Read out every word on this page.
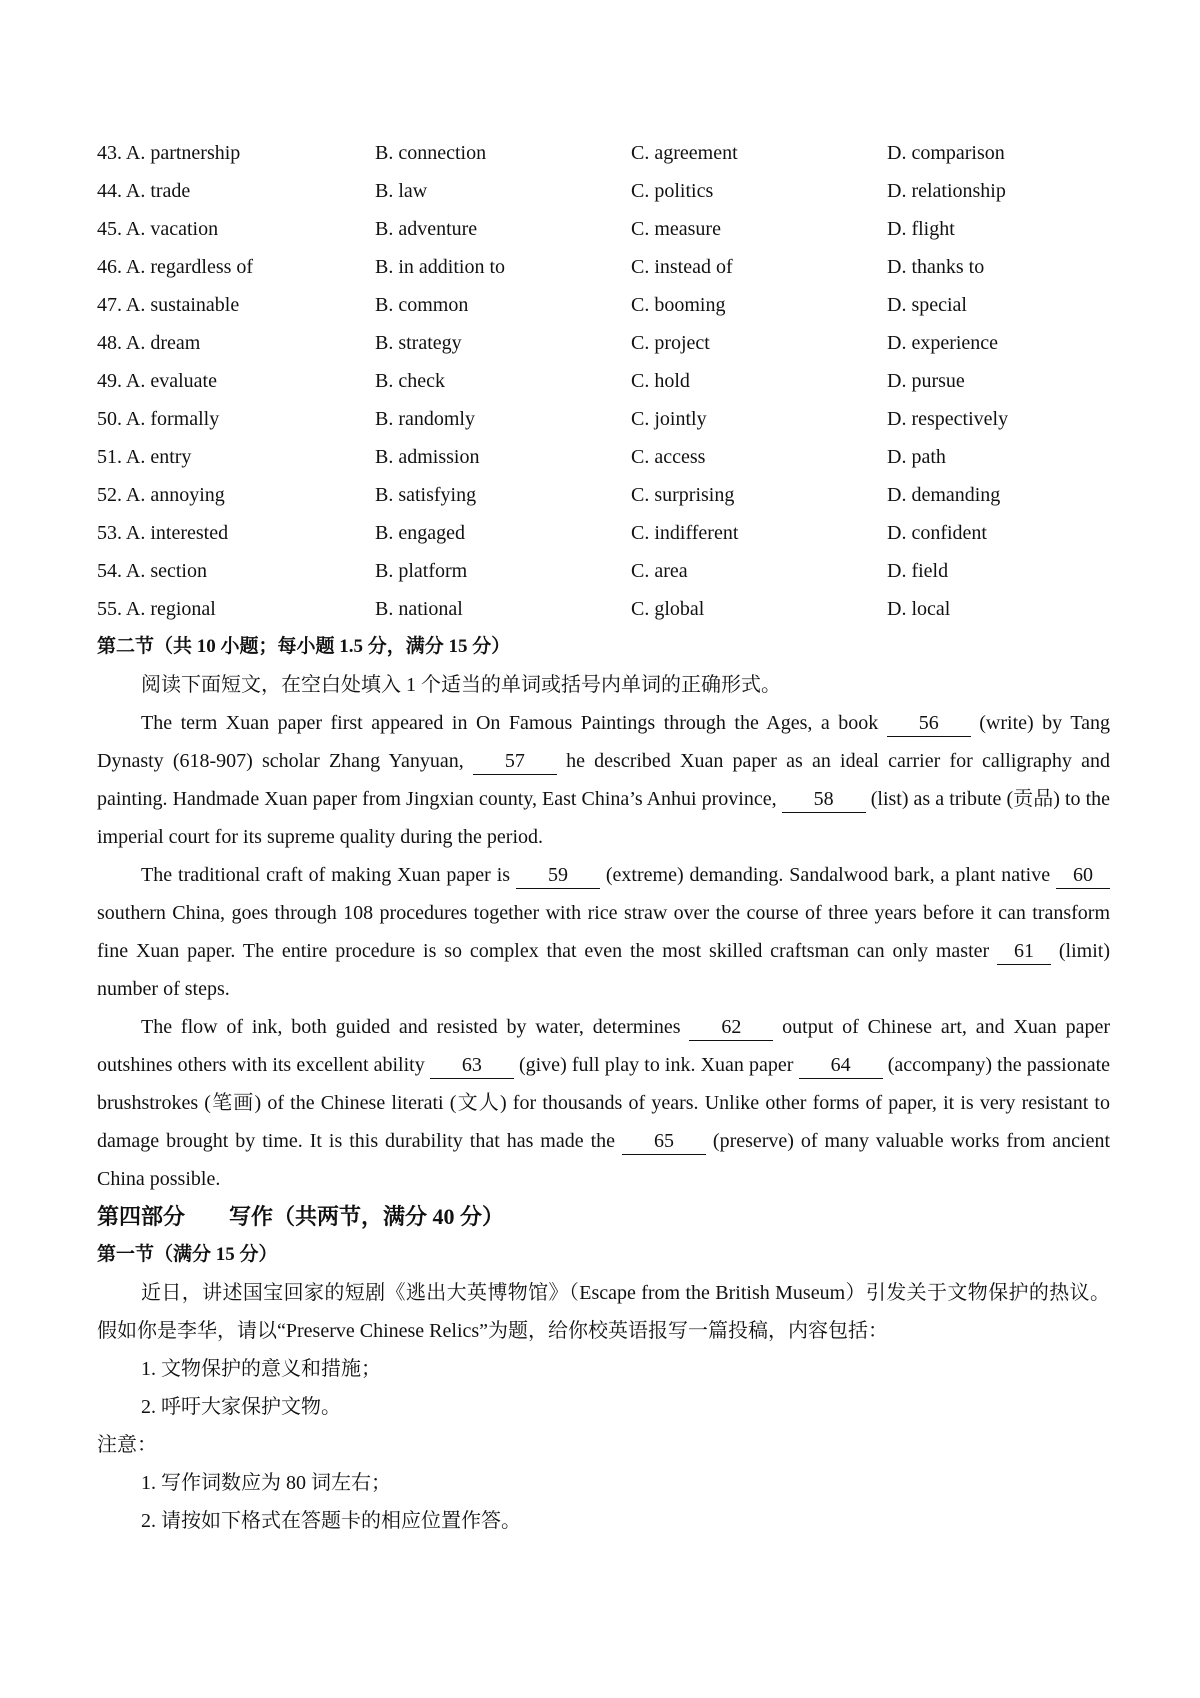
43. A. partnership	B. connection	C. agreement	D. comparison
44. A. trade	B. law	C. politics	D. relationship
45. A. vacation	B. adventure	C. measure	D. flight
46. A. regardless of	B. in addition to	C. instead of	D. thanks to
47. A. sustainable	B. common	C. booming	D. special
48. A. dream	B. strategy	C. project	D. experience
49. A. evaluate	B. check	C. hold	D. pursue
50. A. formally	B. randomly	C. jointly	D. respectively
51. A. entry	B. admission	C. access	D. path
52. A. annoying	B. satisfying	C. surprising	D. demanding
53. A. interested	B. engaged	C. indifferent	D. confident
54. A. section	B. platform	C. area	D. field
55. A. regional	B. national	C. global	D. local
第二节（共 10 小题；每小题 1.5 分，满分 15 分）
阅读下面短文，在空白处填入 1 个适当的单词或括号内单词的正确形式。
The term Xuan paper first appeared in On Famous Paintings through the Ages, a book 56 (write) by Tang Dynasty (618-907) scholar Zhang Yanyuan, 57 he described Xuan paper as an ideal carrier for calligraphy and painting. Handmade Xuan paper from Jingxian county, East China’s Anhui province, 58 (list) as a tribute (贡品) to the imperial court for its supreme quality during the period.
The traditional craft of making Xuan paper is 59 (extreme) demanding. Sandalwood bark, a plant native 60 southern China, goes through 108 procedures together with rice straw over the course of three years before it can transform fine Xuan paper. The entire procedure is so complex that even the most skilled craftsman can only master 61 (limit) number of steps.
The flow of ink, both guided and resisted by water, determines 62 output of Chinese art, and Xuan paper outshines others with its excellent ability 63 (give) full play to ink. Xuan paper 64 (accompany) the passionate brushstrokes (笔画) of the Chinese literati (文人) for thousands of years. Unlike other forms of paper, it is very resistant to damage brought by time. It is this durability that has made the 65 (preserve) of many valuable works from ancient China possible.
第四部分　　写作（共两节，满分 40 分）
第一节（满分 15 分）
近日，讲述国宝回家的短剧《逃出大英博物馆》（Escape from the British Museum）引发关于文物保护的热议。假如你是李华，请以“Preserve Chinese Relics”为题，给你校英语报写一篇投稿，内容包括：
1. 文物保护的意义和措施；
2. 呼吁大家保护文物。
注意：
1. 写作词数应为 80 词左右；
2. 请按如下格式在答题卡的相应位置作答。
